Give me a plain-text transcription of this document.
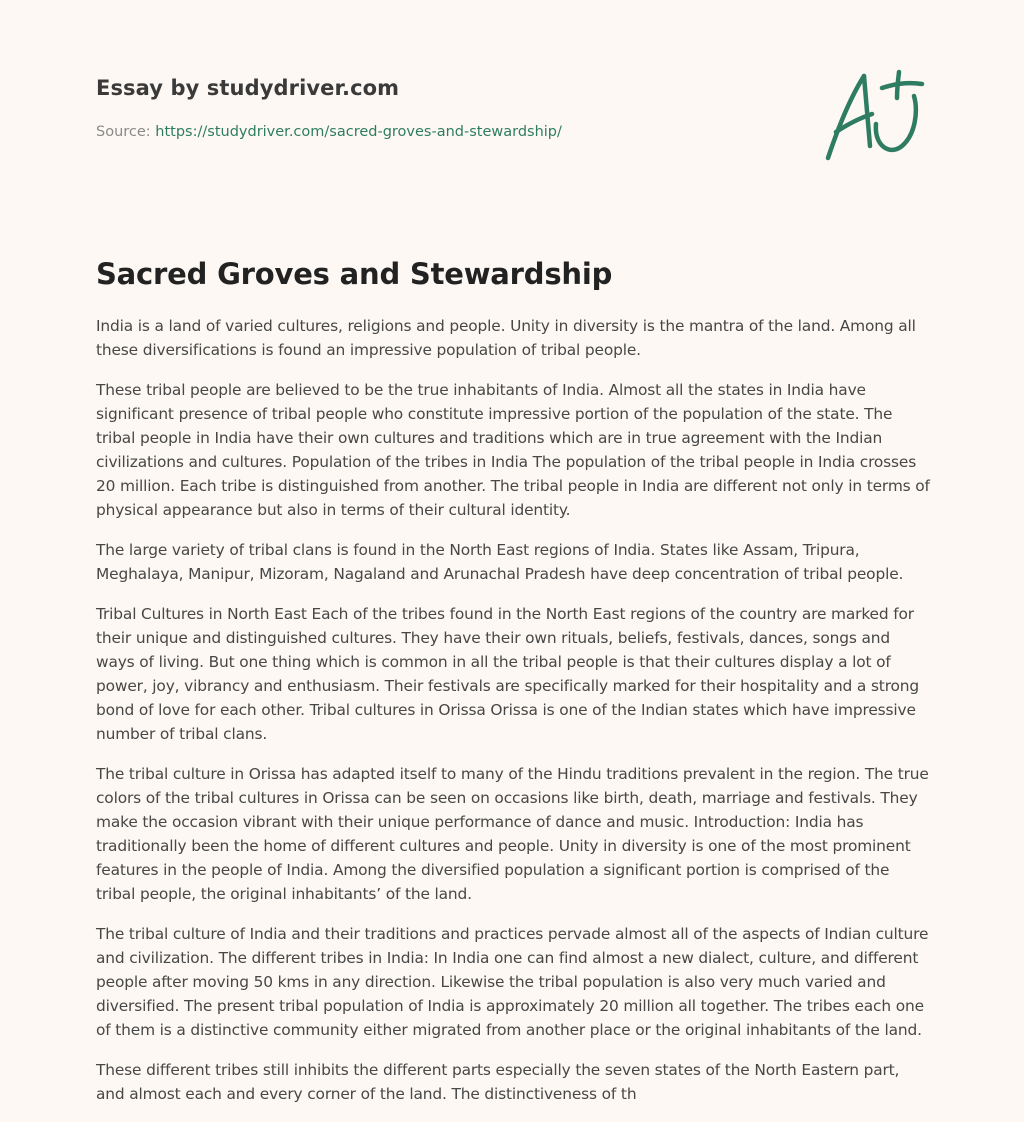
Essay by studydriver.com
Source: https://studydriver.com/sacred-groves-and-stewardship/
Sacred Groves and Stewardship

India is a land of varied cultures, religions and people. Unity in diversity is the mantra of the land. Among all these diversifications is found an impressive population of tribal people.

These tribal people are believed to be the true inhabitants of India. Almost all the states in India have significant presence of tribal people who constitute impressive portion of the population of the state. The tribal people in India have their own cultures and traditions which are in true agreement with the Indian civilizations and cultures. Population of the tribes in India The population of the tribal people in India crosses 20 million. Each tribe is distinguished from another. The tribal people in India are different not only in terms of physical appearance but also in terms of their cultural identity.

The large variety of tribal clans is found in the North East regions of India. States like Assam, Tripura, Meghalaya, Manipur, Mizoram, Nagaland and Arunachal Pradesh have deep concentration of tribal people.

Tribal Cultures in North East Each of the tribes found in the North East regions of the country are marked for their unique and distinguished cultures. They have their own rituals, beliefs, festivals, dances, songs and ways of living. But one thing which is common in all the tribal people is that their cultures display a lot of power, joy, vibrancy and enthusiasm. Their festivals are specifically marked for their hospitality and a strong bond of love for each other. Tribal cultures in Orissa Orissa is one of the Indian states which have impressive number of tribal clans.

The tribal culture in Orissa has adapted itself to many of the Hindu traditions prevalent in the region. The true colors of the tribal cultures in Orissa can be seen on occasions like birth, death, marriage and festivals. They make the occasion vibrant with their unique performance of dance and music. Introduction: India has traditionally been the home of different cultures and people. Unity in diversity is one of the most prominent features in the people of India. Among the diversified population a significant portion is comprised of the tribal people, the original inhabitants’ of the land.

The tribal culture of India and their traditions and practices pervade almost all of the aspects of Indian culture and civilization. The different tribes in India: In India one can find almost a new dialect, culture, and different people after moving 50 kms in any direction. Likewise the tribal population is also very much varied and diversified. The present tribal population of India is approximately 20 million all together. The tribes each one of them is a distinctive community either migrated from another place or the original inhabitants of the land.

These different tribes still inhibits the different parts especially the seven states of the North Eastern part, and almost each and every corner of the land. The distinctiveness of th
